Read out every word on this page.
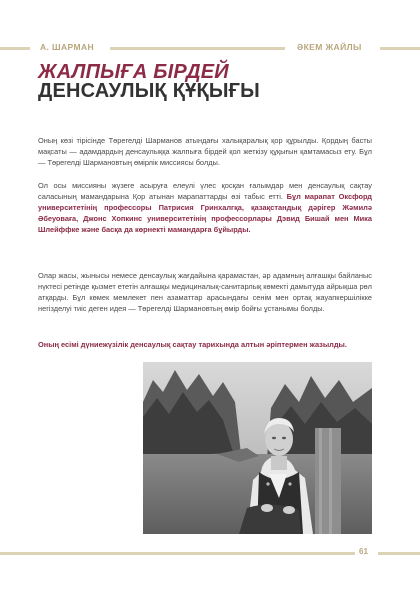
А. ШАРМАН	ӘКЕМ ЖАЙЛЫ
ЖАЛПЫҒА БІРДЕЙ
ДЕНСАУЛЫҚ ҚҰҚЫҒЫ

Оның көзі тірісінде Төрегелді Шарманов атындағы халықаралық қор құрылды. Қордың басты мақсаты — адамдардың денсаулыққа жалпыға бірдей қол жеткізу құқығын қамтамасыз ету. Бұл — Төрегелді Шармановтың өмірлік миссиясы болды.

Ол осы миссияны жүзеге асыруға елеулі үлес қосқан ғалымдар мен денсаулық сақтау саласының мамандарына Қор атынан марапаттарды өзі табыс етті. Бұл марапат Оксфорд университетінің профессоры Патрисия Гринхалгқа, қазақстандық дәрігер Жәмилә Әбеуоваға, Джонс Хопкинс университетінің профессорлары Дэвид Бишай мен Мика Шлейффке және басқа да көрнекті мамандарға бұйырды.

Олар жасы, жынысы немесе денсаулық жағдайына қарамастан, әр адамның алғашқы байланыс нүктесі ретінде қызмет ететін алғашқы медициналық-санитарлық көмекті дамытуда айрықша рөл атқарды. Бұл көмек мемлекет пен азаматтар арасындағы сенім мен ортақ жауапкершілікке негізделуі тиіс деген идея — Төрегелді Шармановтың өмір бойғы ұстанымы болды.

Оның есімі дүниежүзілік денсаулық сақтау тарихында алтын әріптермен жазылды.

61
